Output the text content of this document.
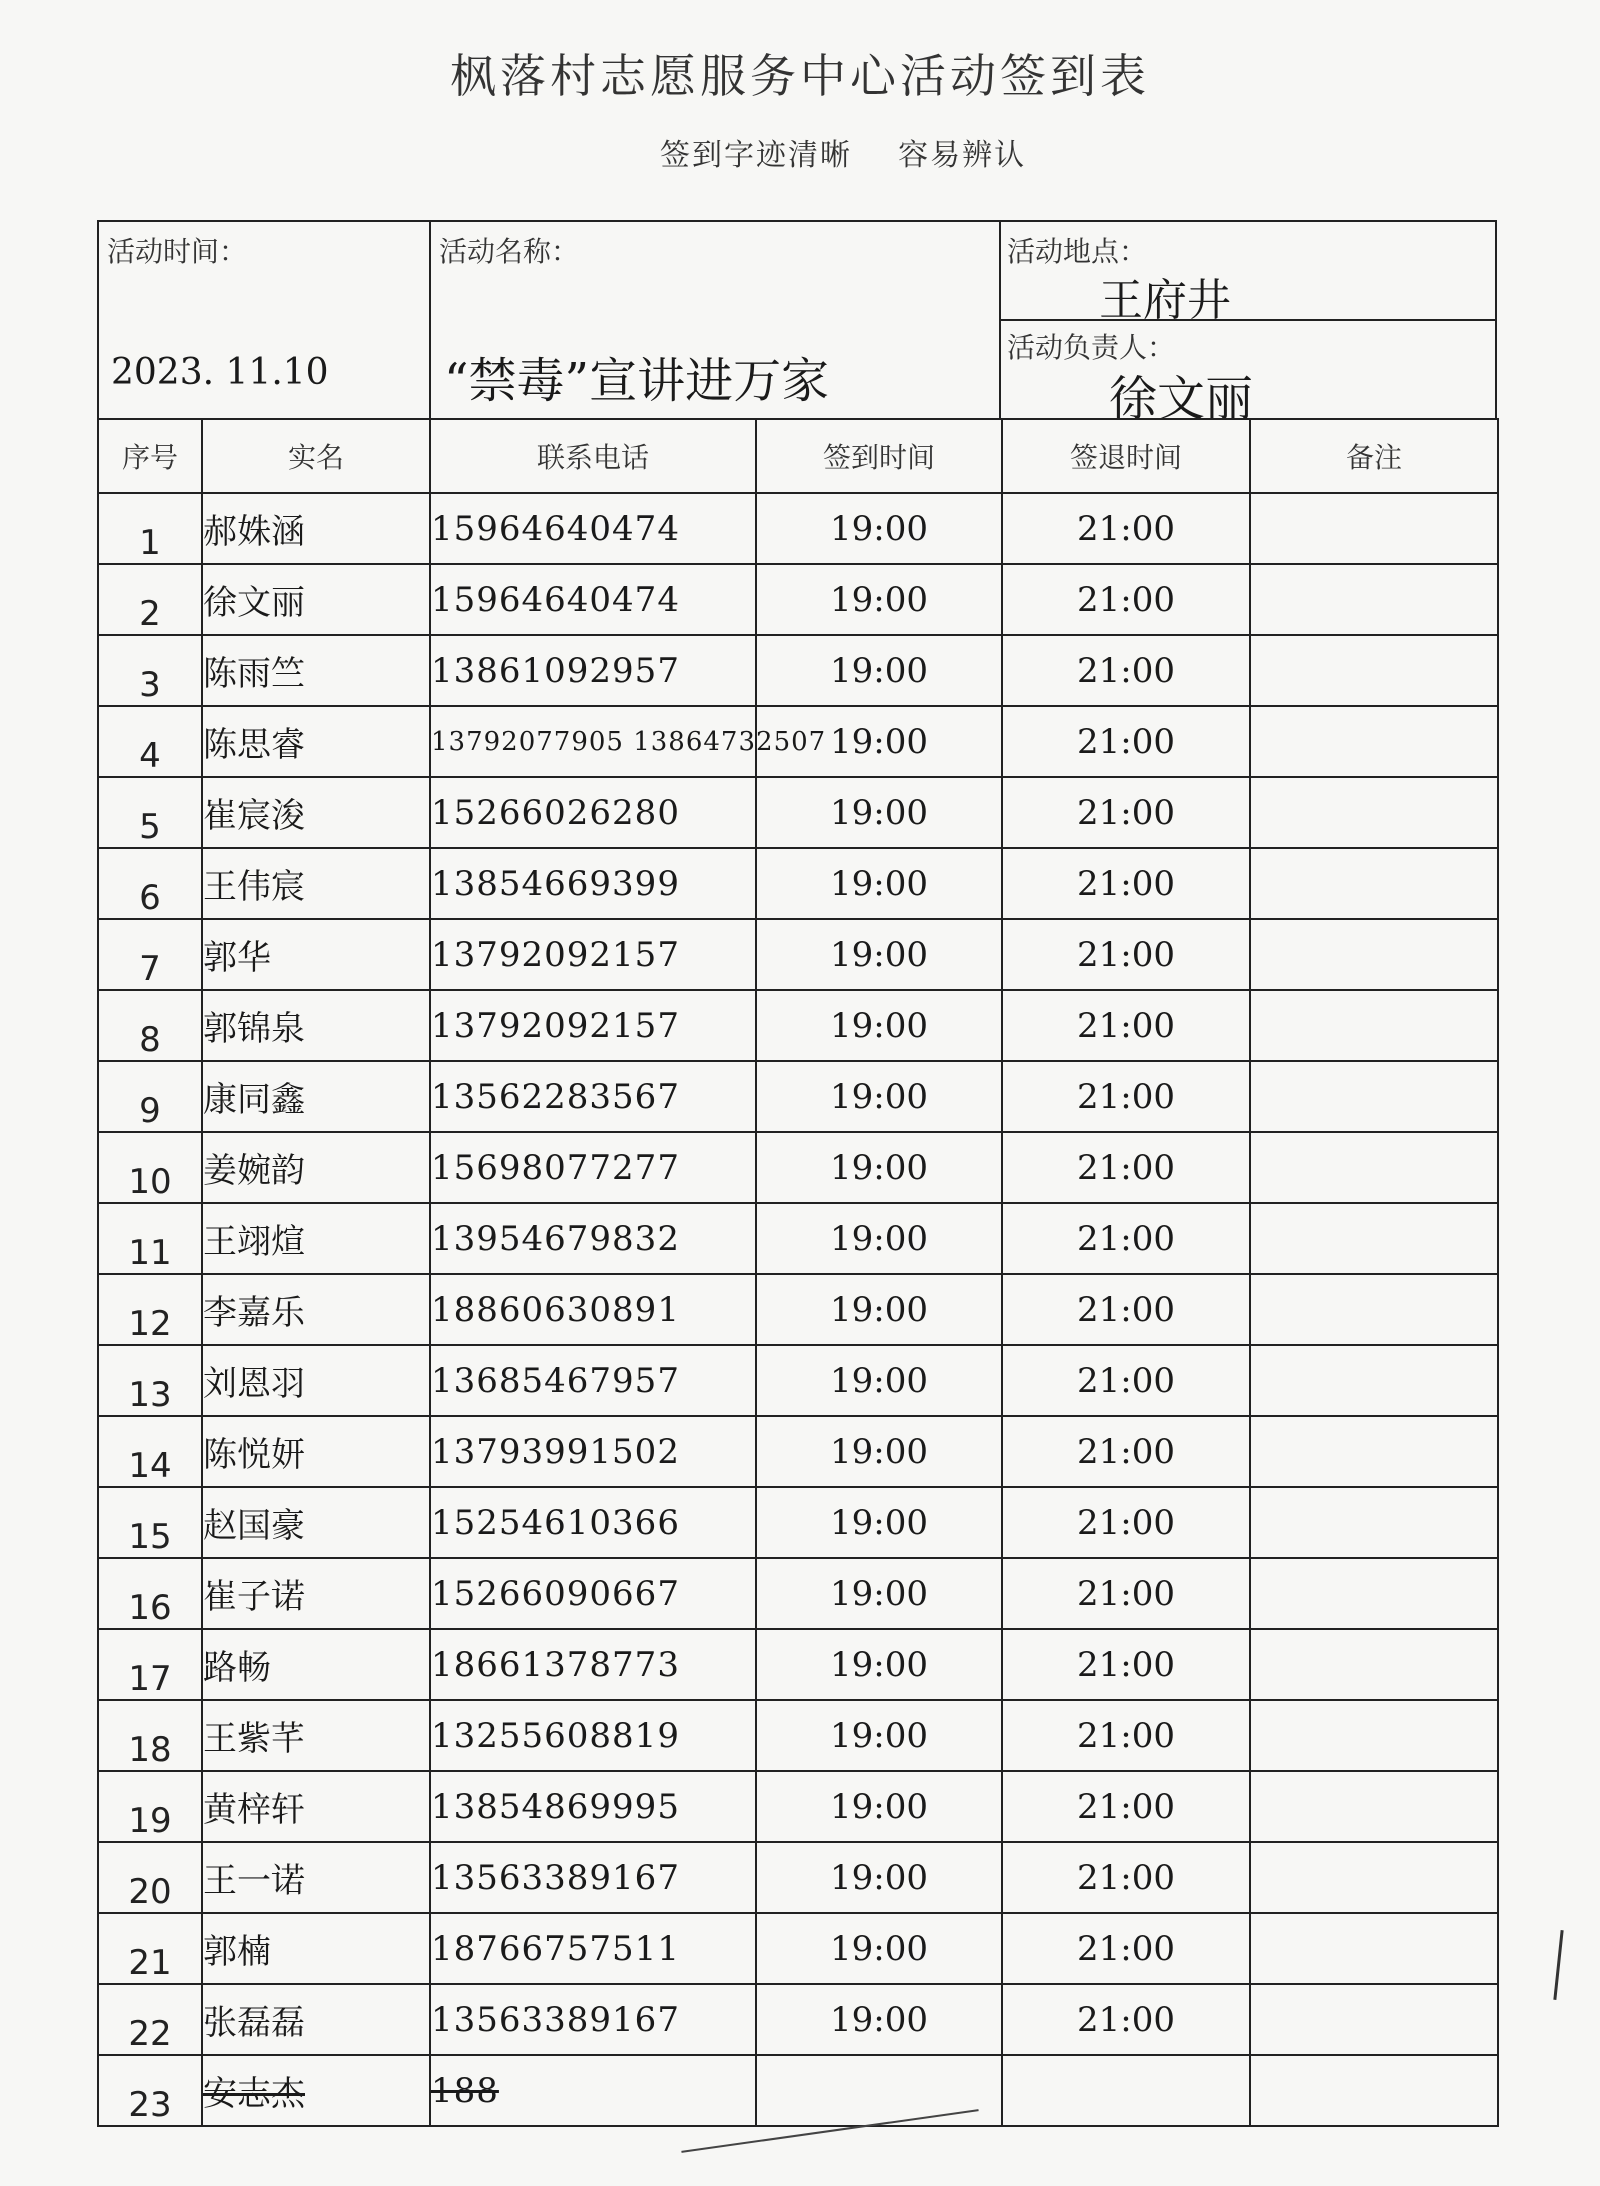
枫落村志愿服务中心活动签到表
签到字迹清晰    容易辨认
活动时间：
2023. 11.10
活动名称：
“禁毒”宣讲进万家
活动地点：
王府井
活动负责人：
徐文丽
序号	实名	联系电话	签到时间	签退时间	备注
1	郝姝涵	15964640474	19:00	21:00	
2	徐文丽	15964640474	19:00	21:00	
3	陈雨竺	13861092957	19:00	21:00	
4	陈思睿	13792077905 13864732507	19:00	21:00	
5	崔宸浚	15266026280	19:00	21:00	
6	王伟宸	13854669399	19:00	21:00	
7	郭华	13792092157	19:00	21:00	
8	郭锦泉	13792092157	19:00	21:00	
9	康同鑫	13562283567	19:00	21:00	
10	姜婉韵	15698077277	19:00	21:00	
11	王翊煊	13954679832	19:00	21:00	
12	李嘉乐	18860630891	19:00	21:00	
13	刘恩羽	13685467957	19:00	21:00	
14	陈悦妍	13793991502	19:00	21:00	
15	赵国豪	15254610366	19:00	21:00	
16	崔子诺	15266090667	19:00	21:00	
17	路畅	18661378773	19:00	21:00	
18	王紫芊	13255608819	19:00	21:00	
19	黄梓轩	13854869995	19:00	21:00	
20	王一诺	13563389167	19:00	21:00	
21	郭楠	18766757511	19:00	21:00	
22	张磊磊	13563389167	19:00	21:00	
23	安志杰	188			
